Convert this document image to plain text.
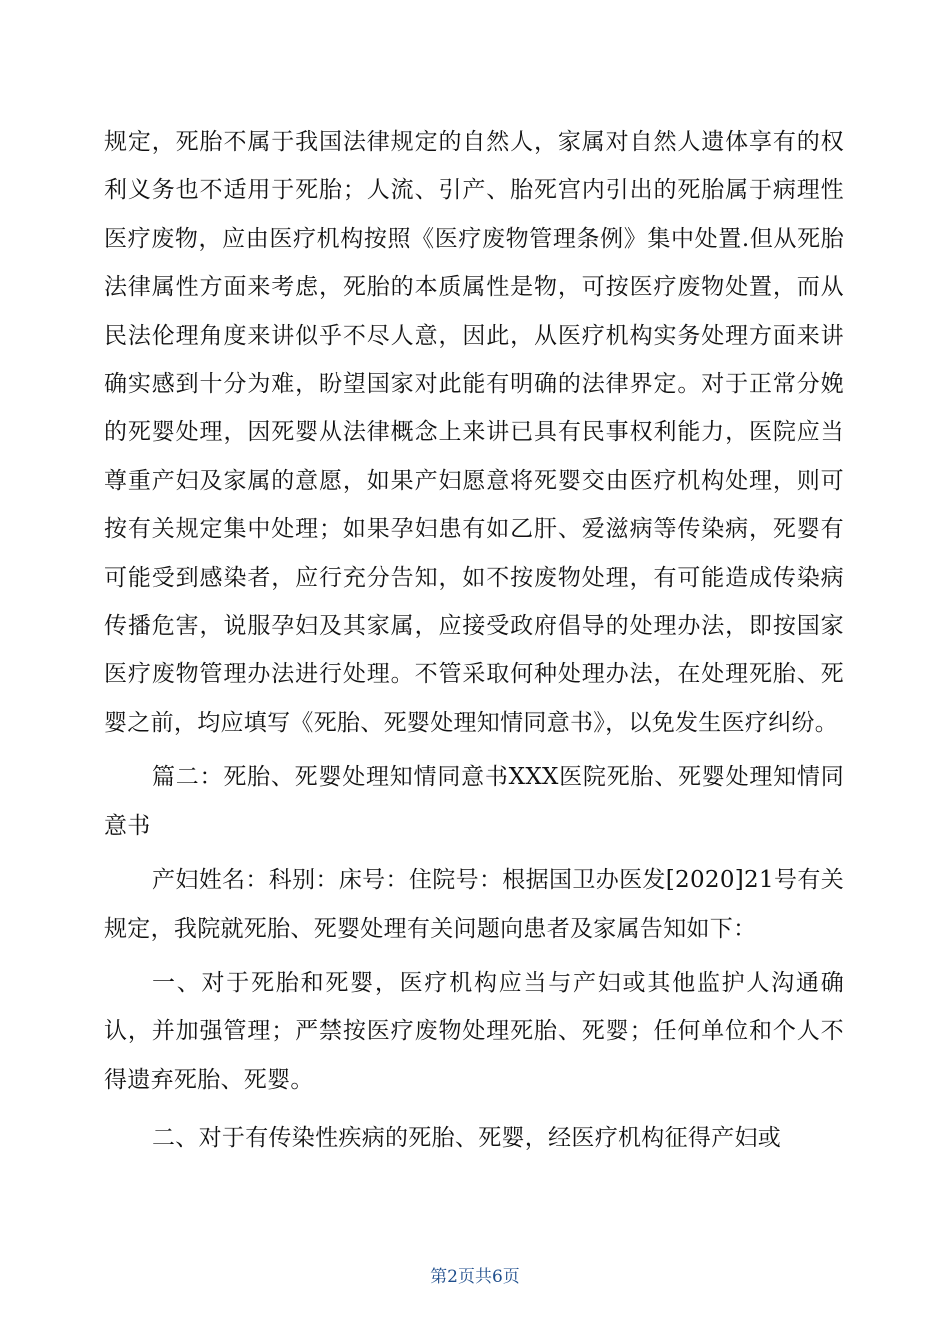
规定，死胎不属于我国法律规定的自然人，家属对自然人遗体享有的权利义务也不适用于死胎；人流、引产、胎死宫内引出的死胎属于病理性医疗废物，应由医疗机构按照《医疗废物管理条例》集中处置.但从死胎法律属性方面来考虑，死胎的本质属性是物，可按医疗废物处置，而从民法伦理角度来讲似乎不尽人意，因此，从医疗机构实务处理方面来讲确实感到十分为难，盼望国家对此能有明确的法律界定。对于正常分娩的死婴处理，因死婴从法律概念上来讲已具有民事权利能力，医院应当尊重产妇及家属的意愿，如果产妇愿意将死婴交由医疗机构处理，则可按有关规定集中处理；如果孕妇患有如乙肝、爱滋病等传染病，死婴有可能受到感染者，应行充分告知，如不按废物处理，有可能造成传染病传播危害，说服孕妇及其家属，应接受政府倡导的处理办法，即按国家医疗废物管理办法进行处理。不管采取何种处理办法，在处理死胎、死婴之前，均应填写《死胎、死婴处理知情同意书》，以免发生医疗纠纷。

篇二：死胎、死婴处理知情同意书XXX医院死胎、死婴处理知情同意书

产妇姓名：科别：床号：住院号：根据国卫办医发[2020]21号有关规定，我院就死胎、死婴处理有关问题向患者及家属告知如下：

一、对于死胎和死婴，医疗机构应当与产妇或其他监护人沟通确认，并加强管理；严禁按医疗废物处理死胎、死婴；任何单位和个人不得遗弃死胎、死婴。

二、对于有传染性疾病的死胎、死婴，经医疗机构征得产妇或

第2页共6页
